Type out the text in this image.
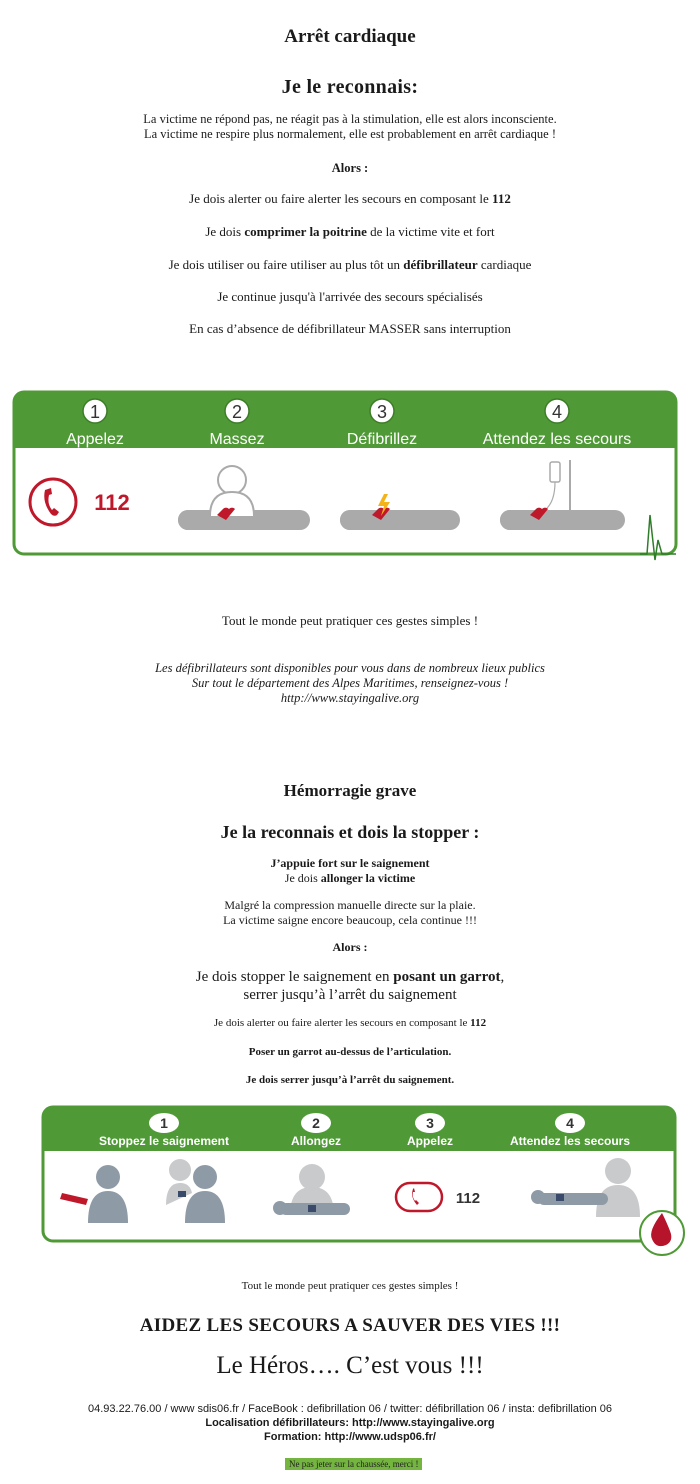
Arrêt cardiaque
Je le reconnais:
La victime ne répond pas, ne réagit pas à la stimulation, elle est alors inconsciente.
La victime ne respire plus normalement, elle est probablement en arrêt cardiaque !
Alors :
Je dois alerter ou faire alerter les secours en composant le 112
Je dois comprimer la poitrine de la victime vite et fort
Je dois utiliser ou faire utiliser au plus tôt un défibrillateur cardiaque
Je continue jusqu'à l'arrivée des secours spécialisés
En cas d’absence de défibrillateur MASSER sans interruption
1
Appelez
2
Massez
3
Défibrillez
4
Attendez les secours
112
Tout le monde peut pratiquer ces gestes simples !
Les défibrillateurs sont disponibles pour vous dans de nombreux lieux publics
Sur tout le département des Alpes Maritimes, renseignez-vous !
http://www.stayingalive.org
Hémorragie grave
Je la reconnais et dois la stopper :
J’appuie fort sur le saignement
Je dois allonger la victime
Malgré la compression manuelle directe sur la plaie.
La victime saigne encore beaucoup, cela continue !!!
Alors :
Je dois stopper le saignement en posant un garrot,
serrer jusqu’à l’arrêt du saignement
Je dois alerter ou faire alerter les secours en composant le 112
Poser un garrot au-dessus de l’articulation.
Je dois serrer jusqu’à l’arrêt du saignement.
1
Stoppez le saignement
2
Allongez
3
Appelez
4
Attendez les secours
112
Tout le monde peut pratiquer ces gestes simples !
AIDEZ LES SECOURS A SAUVER DES VIES !!!
Le Héros…. C’est vous !!!
04.93.22.76.00 / www sdis06.fr / FaceBook : defibrillation 06 / twitter: défibrillation 06 / insta: defibrillation 06
Localisation défibrillateurs: http://www.stayingalive.org
Formation: http://www.udsp06.fr/
Ne pas jeter sur la chaussée, merci !
